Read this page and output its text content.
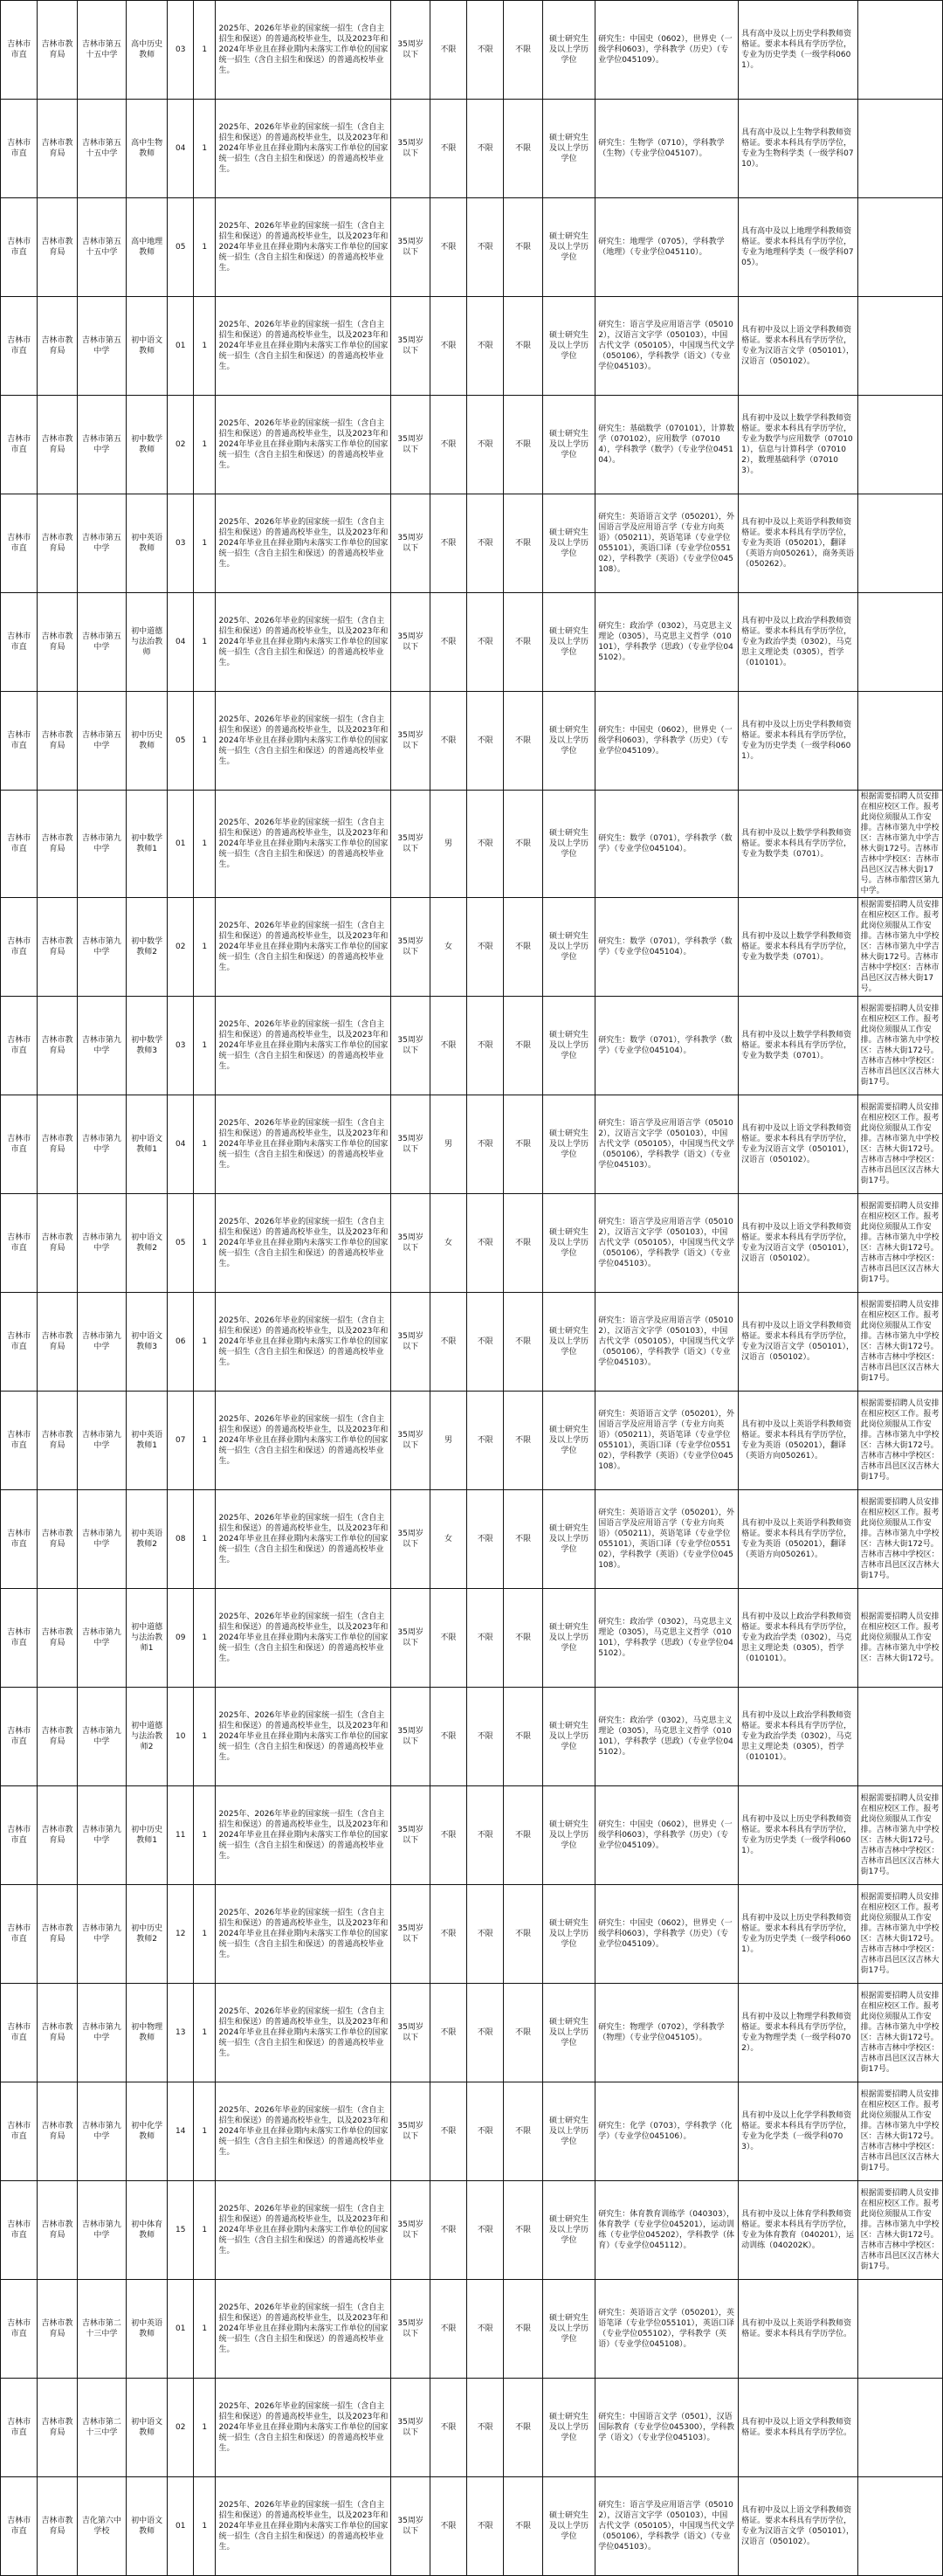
吉林市市直	吉林市教育局	吉林市第五十五中学	高中历史教师	03	1	2025年、2026年毕业的国家统一招生（含自主招生和保送）的普通高校毕业生，以及2023年和2024年毕业且在择业期内未落实工作单位的国家统一招生（含自主招生和保送）的普通高校毕业生。	35周岁以下	不限	不限	不限	硕士研究生及以上学历学位	研究生：中国史（0602），世界史（一级学科0603），学科教学（历史）（专业学位045109）。	具有高中及以上历史学科教师资格证。要求本科具有学历学位，专业为历史学类（一级学科0601）。	
吉林市市直	吉林市教育局	吉林市第五十五中学	高中生物教师	04	1	2025年、2026年毕业的国家统一招生（含自主招生和保送）的普通高校毕业生，以及2023年和2024年毕业且在择业期内未落实工作单位的国家统一招生（含自主招生和保送）的普通高校毕业生。	35周岁以下	不限	不限	不限	硕士研究生及以上学历学位	研究生：生物学（0710），学科教学（生物）（专业学位045107）。	具有高中及以上生物学科教师资格证。要求本科具有学历学位，专业为生物科学类（一级学科0710）。	
吉林市市直	吉林市教育局	吉林市第五十五中学	高中地理教师	05	1	2025年、2026年毕业的国家统一招生（含自主招生和保送）的普通高校毕业生，以及2023年和2024年毕业且在择业期内未落实工作单位的国家统一招生（含自主招生和保送）的普通高校毕业生。	35周岁以下	不限	不限	不限	硕士研究生及以上学历学位	研究生：地理学（0705），学科教学（地理）（专业学位045110）。	具有高中及以上地理学科教师资格证。要求本科具有学历学位，专业为地理科学类（一级学科0705）。	
吉林市市直	吉林市教育局	吉林市第五中学	初中语文教师	01	1	2025年、2026年毕业的国家统一招生（含自主招生和保送）的普通高校毕业生，以及2023年和2024年毕业且在择业期内未落实工作单位的国家统一招生（含自主招生和保送）的普通高校毕业生。	35周岁以下	不限	不限	不限	硕士研究生及以上学历学位	研究生：语言学及应用语言学（050102），汉语言文字学（050103），中国古代文学（050105），中国现当代文学（050106），学科教学（语文）（专业学位045103）。	具有初中及以上语文学科教师资格证。要求本科具有学历学位，专业为汉语言文学（050101），汉语言（050102）。	
吉林市市直	吉林市教育局	吉林市第五中学	初中数学教师	02	1	2025年、2026年毕业的国家统一招生（含自主招生和保送）的普通高校毕业生，以及2023年和2024年毕业且在择业期内未落实工作单位的国家统一招生（含自主招生和保送）的普通高校毕业生。	35周岁以下	不限	不限	不限	硕士研究生及以上学历学位	研究生：基础数学（070101），计算数学（070102），应用数学（070104），学科教学（数学）（专业学位045104）。	具有初中及以上数学学科教师资格证。要求本科具有学历学位，专业为数学与应用数学（070101），信息与计算科学（070102），数理基础科学（070103）。	
吉林市市直	吉林市教育局	吉林市第五中学	初中英语教师	03	1	2025年、2026年毕业的国家统一招生（含自主招生和保送）的普通高校毕业生，以及2023年和2024年毕业且在择业期内未落实工作单位的国家统一招生（含自主招生和保送）的普通高校毕业生。	35周岁以下	不限	不限	不限	硕士研究生及以上学历学位	研究生：英语语言文学（050201），外国语言学及应用语言学（专业方向英语）（050211），英语笔译（专业学位055101），英语口译（专业学位055102），学科教学（英语）（专业学位045108）。	具有初中及以上英语学科教师资格证。要求本科具有学历学位，专业为英语（050201），翻译（英语方向050261），商务英语（050262）。	
吉林市市直	吉林市教育局	吉林市第五中学	初中道德与法治教师	04	1	2025年、2026年毕业的国家统一招生（含自主招生和保送）的普通高校毕业生，以及2023年和2024年毕业且在择业期内未落实工作单位的国家统一招生（含自主招生和保送）的普通高校毕业生。	35周岁以下	不限	不限	不限	硕士研究生及以上学历学位	研究生：政治学（0302），马克思主义理论（0305），马克思主义哲学（010101），学科教学（思政）（专业学位045102）。	具有初中及以上政治学科教师资格证。要求本科具有学历学位，专业为政治学类（0302），马克思主义理论类（0305），哲学（010101）。	
吉林市市直	吉林市教育局	吉林市第五中学	初中历史教师	05	1	2025年、2026年毕业的国家统一招生（含自主招生和保送）的普通高校毕业生，以及2023年和2024年毕业且在择业期内未落实工作单位的国家统一招生（含自主招生和保送）的普通高校毕业生。	35周岁以下	不限	不限	不限	硕士研究生及以上学历学位	研究生：中国史（0602），世界史（一级学科0603），学科教学（历史）（专业学位045109）。	具有初中及以上历史学科教师资格证。要求本科具有学历学位，专业为历史学类（一级学科0601）。	
吉林市市直	吉林市教育局	吉林市第九中学	初中数学教师1	01	1	2025年、2026年毕业的国家统一招生（含自主招生和保送）的普通高校毕业生，以及2023年和2024年毕业且在择业期内未落实工作单位的国家统一招生（含自主招生和保送）的普通高校毕业生。	35周岁以下	男	不限	不限	硕士研究生及以上学历学位	研究生：数学（0701），学科教学（数学）（专业学位045104）。	具有初中及以上数学学科教师资格证。要求本科具有学历学位，专业为数学类（0701）。	根据需要招聘人员安排在相应校区工作。报考此岗位须服从工作安排。吉林市第九中学校区：吉林市第九中学吉林大街172号。吉林市吉林中学校区：吉林市昌邑区汉吉林大街17号。吉林市船营区第九中学。
吉林市市直	吉林市教育局	吉林市第九中学	初中数学教师2	02	1	2025年、2026年毕业的国家统一招生（含自主招生和保送）的普通高校毕业生，以及2023年和2024年毕业且在择业期内未落实工作单位的国家统一招生（含自主招生和保送）的普通高校毕业生。	35周岁以下	女	不限	不限	硕士研究生及以上学历学位	研究生：数学（0701），学科教学（数学）（专业学位045104）。	具有初中及以上数学学科教师资格证。要求本科具有学历学位，专业为数学类（0701）。	根据需要招聘人员安排在相应校区工作。报考此岗位须服从工作安排。吉林市第九中学校区：吉林市第九中学吉林大街172号。吉林市吉林中学校区：吉林市昌邑区汉吉林大街17号。
吉林市市直	吉林市教育局	吉林市第九中学	初中数学教师3	03	1	2025年、2026年毕业的国家统一招生（含自主招生和保送）的普通高校毕业生，以及2023年和2024年毕业且在择业期内未落实工作单位的国家统一招生（含自主招生和保送）的普通高校毕业生。	35周岁以下	不限	不限	不限	硕士研究生及以上学历学位	研究生：数学（0701），学科教学（数学）（专业学位045104）。	具有初中及以上数学学科教师资格证。要求本科具有学历学位，专业为数学类（0701）。	根据需要招聘人员安排在相应校区工作。报考此岗位须服从工作安排。吉林市第九中学校区：吉林大街172号。吉林市吉林中学校区：吉林市昌邑区汉吉林大街17号。
吉林市市直	吉林市教育局	吉林市第九中学	初中语文教师1	04	1	2025年、2026年毕业的国家统一招生（含自主招生和保送）的普通高校毕业生，以及2023年和2024年毕业且在择业期内未落实工作单位的国家统一招生（含自主招生和保送）的普通高校毕业生。	35周岁以下	男	不限	不限	硕士研究生及以上学历学位	研究生：语言学及应用语言学（050102），汉语言文字学（050103），中国古代文学（050105），中国现当代文学（050106），学科教学（语文）（专业学位045103）。	具有初中及以上语文学科教师资格证。要求本科具有学历学位，专业为汉语言文学（050101），汉语言（050102）。	根据需要招聘人员安排在相应校区工作。报考此岗位须服从工作安排。吉林市第九中学校区：吉林大街172号。吉林市吉林中学校区：吉林市昌邑区汉吉林大街17号。
吉林市市直	吉林市教育局	吉林市第九中学	初中语文教师2	05	1	2025年、2026年毕业的国家统一招生（含自主招生和保送）的普通高校毕业生，以及2023年和2024年毕业且在择业期内未落实工作单位的国家统一招生（含自主招生和保送）的普通高校毕业生。	35周岁以下	女	不限	不限	硕士研究生及以上学历学位	研究生：语言学及应用语言学（050102），汉语言文字学（050103），中国古代文学（050105），中国现当代文学（050106），学科教学（语文）（专业学位045103）。	具有初中及以上语文学科教师资格证。要求本科具有学历学位，专业为汉语言文学（050101），汉语言（050102）。	根据需要招聘人员安排在相应校区工作。报考此岗位须服从工作安排。吉林市第九中学校区：吉林大街172号。吉林市吉林中学校区：吉林市昌邑区汉吉林大街17号。
吉林市市直	吉林市教育局	吉林市第九中学	初中语文教师3	06	1	2025年、2026年毕业的国家统一招生（含自主招生和保送）的普通高校毕业生，以及2023年和2024年毕业且在择业期内未落实工作单位的国家统一招生（含自主招生和保送）的普通高校毕业生。	35周岁以下	不限	不限	不限	硕士研究生及以上学历学位	研究生：语言学及应用语言学（050102），汉语言文字学（050103），中国古代文学（050105），中国现当代文学（050106），学科教学（语文）（专业学位045103）。	具有初中及以上语文学科教师资格证。要求本科具有学历学位，专业为汉语言文学（050101），汉语言（050102）。	根据需要招聘人员安排在相应校区工作。报考此岗位须服从工作安排。吉林市第九中学校区：吉林大街172号。吉林市吉林中学校区：吉林市昌邑区汉吉林大街17号。
吉林市市直	吉林市教育局	吉林市第九中学	初中英语教师1	07	1	2025年、2026年毕业的国家统一招生（含自主招生和保送）的普通高校毕业生，以及2023年和2024年毕业且在择业期内未落实工作单位的国家统一招生（含自主招生和保送）的普通高校毕业生。	35周岁以下	男	不限	不限	硕士研究生及以上学历学位	研究生：英语语言文学（050201），外国语言学及应用语言学（专业方向英语）（050211），英语笔译（专业学位055101），英语口译（专业学位055102），学科教学（英语）（专业学位045108）。	具有初中及以上英语学科教师资格证。要求本科具有学历学位，专业为英语（050201），翻译（英语方向050261）。	根据需要招聘人员安排在相应校区工作。报考此岗位须服从工作安排。吉林市第九中学校区：吉林大街172号。吉林市吉林中学校区：吉林市昌邑区汉吉林大街17号。
吉林市市直	吉林市教育局	吉林市第九中学	初中英语教师2	08	1	2025年、2026年毕业的国家统一招生（含自主招生和保送）的普通高校毕业生，以及2023年和2024年毕业且在择业期内未落实工作单位的国家统一招生（含自主招生和保送）的普通高校毕业生。	35周岁以下	女	不限	不限	硕士研究生及以上学历学位	研究生：英语语言文学（050201），外国语言学及应用语言学（专业方向英语）（050211），英语笔译（专业学位055101），英语口译（专业学位055102），学科教学（英语）（专业学位045108）。	具有初中及以上英语学科教师资格证。要求本科具有学历学位，专业为英语（050201），翻译（英语方向050261）。	根据需要招聘人员安排在相应校区工作。报考此岗位须服从工作安排。吉林市第九中学校区：吉林大街172号。吉林市吉林中学校区：吉林市昌邑区汉吉林大街17号。
吉林市市直	吉林市教育局	吉林市第九中学	初中道德与法治教师1	09	1	2025年、2026年毕业的国家统一招生（含自主招生和保送）的普通高校毕业生，以及2023年和2024年毕业且在择业期内未落实工作单位的国家统一招生（含自主招生和保送）的普通高校毕业生。	35周岁以下	不限	不限	不限	硕士研究生及以上学历学位	研究生：政治学（0302），马克思主义理论（0305），马克思主义哲学（010101），学科教学（思政）（专业学位045102）。	具有初中及以上政治学科教师资格证。要求本科具有学历学位，专业为政治学类（0302），马克思主义理论类（0305），哲学（010101）。	根据需要招聘人员安排在相应校区工作。报考此岗位须服从工作安排。吉林市第九中学校区：吉林大街172号。
吉林市市直	吉林市教育局	吉林市第九中学	初中道德与法治教师2	10	1	2025年、2026年毕业的国家统一招生（含自主招生和保送）的普通高校毕业生，以及2023年和2024年毕业且在择业期内未落实工作单位的国家统一招生（含自主招生和保送）的普通高校毕业生。	35周岁以下	不限	不限	不限	硕士研究生及以上学历学位	研究生：政治学（0302），马克思主义理论（0305），马克思主义哲学（010101），学科教学（思政）（专业学位045102）。	具有初中及以上政治学科教师资格证。要求本科具有学历学位，专业为政治学类（0302），马克思主义理论类（0305），哲学（010101）。	
吉林市市直	吉林市教育局	吉林市第九中学	初中历史教师1	11	1	2025年、2026年毕业的国家统一招生（含自主招生和保送）的普通高校毕业生，以及2023年和2024年毕业且在择业期内未落实工作单位的国家统一招生（含自主招生和保送）的普通高校毕业生。	35周岁以下	不限	不限	不限	硕士研究生及以上学历学位	研究生：中国史（0602），世界史（一级学科0603），学科教学（历史）（专业学位045109）。	具有初中及以上历史学科教师资格证。要求本科具有学历学位，专业为历史学类（一级学科0601）。	根据需要招聘人员安排在相应校区工作。报考此岗位须服从工作安排。吉林市第九中学校区：吉林大街172号。吉林市吉林中学校区：吉林市昌邑区汉吉林大街17号。
吉林市市直	吉林市教育局	吉林市第九中学	初中历史教师2	12	1	2025年、2026年毕业的国家统一招生（含自主招生和保送）的普通高校毕业生，以及2023年和2024年毕业且在择业期内未落实工作单位的国家统一招生（含自主招生和保送）的普通高校毕业生。	35周岁以下	不限	不限	不限	硕士研究生及以上学历学位	研究生：中国史（0602），世界史（一级学科0603），学科教学（历史）（专业学位045109）。	具有初中及以上历史学科教师资格证。要求本科具有学历学位，专业为历史学类（一级学科0601）。	根据需要招聘人员安排在相应校区工作。报考此岗位须服从工作安排。吉林市第九中学校区：吉林大街172号。吉林市吉林中学校区：吉林市昌邑区汉吉林大街17号。
吉林市市直	吉林市教育局	吉林市第九中学	初中物理教师	13	1	2025年、2026年毕业的国家统一招生（含自主招生和保送）的普通高校毕业生，以及2023年和2024年毕业且在择业期内未落实工作单位的国家统一招生（含自主招生和保送）的普通高校毕业生。	35周岁以下	不限	不限	不限	硕士研究生及以上学历学位	研究生：物理学（0702），学科教学（物理）（专业学位045105）。	具有初中及以上物理学科教师资格证。要求本科具有学历学位，专业为物理学类（一级学科0702）。	根据需要招聘人员安排在相应校区工作。报考此岗位须服从工作安排。吉林市第九中学校区：吉林大街172号。吉林市吉林中学校区：吉林市昌邑区汉吉林大街17号。
吉林市市直	吉林市教育局	吉林市第九中学	初中化学教师	14	1	2025年、2026年毕业的国家统一招生（含自主招生和保送）的普通高校毕业生，以及2023年和2024年毕业且在择业期内未落实工作单位的国家统一招生（含自主招生和保送）的普通高校毕业生。	35周岁以下	不限	不限	不限	硕士研究生及以上学历学位	研究生：化学（0703），学科教学（化学）（专业学位045106）。	具有初中及以上化学学科教师资格证。要求本科具有学历学位，专业为化学类（一级学科0703）。	根据需要招聘人员安排在相应校区工作。报考此岗位须服从工作安排。吉林市第九中学校区：吉林大街172号。吉林市吉林中学校区：吉林市昌邑区汉吉林大街17号。
吉林市市直	吉林市教育局	吉林市第九中学	初中体育教师	15	1	2025年、2026年毕业的国家统一招生（含自主招生和保送）的普通高校毕业生，以及2023年和2024年毕业且在择业期内未落实工作单位的国家统一招生（含自主招生和保送）的普通高校毕业生。	35周岁以下	不限	不限	不限	硕士研究生及以上学历学位	研究生：体育教育训练学（040303），体育教学（专业学位045201），运动训练（专业学位045202），学科教学（体育）（专业学位045112）。	具有初中及以上体育学科教师资格证。要求本科具有学历学位，专业为体育教育（040201），运动训练（040202K）。	根据需要招聘人员安排在相应校区工作。报考此岗位须服从工作安排。吉林市第九中学校区：吉林大街172号。吉林市吉林中学校区：吉林市昌邑区汉吉林大街17号。
吉林市市直	吉林市教育局	吉林市第二十三中学	初中英语教师	01	1	2025年、2026年毕业的国家统一招生（含自主招生和保送）的普通高校毕业生，以及2023年和2024年毕业且在择业期内未落实工作单位的国家统一招生（含自主招生和保送）的普通高校毕业生。	35周岁以下	不限	不限	不限	硕士研究生及以上学历学位	研究生：英语语言文学（050201），英语笔译（专业学位055101），英语口译（专业学位055102），学科教学（英语）（专业学位045108）。	具有初中及以上英语学科教师资格证。要求本科具有学历学位。	
吉林市市直	吉林市教育局	吉林市第二十三中学	初中语文教师	02	1	2025年、2026年毕业的国家统一招生（含自主招生和保送）的普通高校毕业生，以及2023年和2024年毕业且在择业期内未落实工作单位的国家统一招生（含自主招生和保送）的普通高校毕业生。	35周岁以下	不限	不限	不限	硕士研究生及以上学历学位	研究生：中国语言文学（0501），汉语国际教育（专业学位045300），学科教学（语文）（专业学位045103）。	具有初中及以上语文学科教师资格证。要求本科具有学历学位。	
吉林市市直	吉林市教育局	吉化第六中学校	初中语文教师	01	1	2025年、2026年毕业的国家统一招生（含自主招生和保送）的普通高校毕业生，以及2023年和2024年毕业且在择业期内未落实工作单位的国家统一招生（含自主招生和保送）的普通高校毕业生。	35周岁以下	不限	不限	不限	硕士研究生及以上学历学位	研究生：语言学及应用语言学（050102），汉语言文字学（050103），中国古代文学（050105），中国现当代文学（050106），学科教学（语文）（专业学位045103）。	具有初中及以上语文学科教师资格证。要求本科具有学历学位，专业为汉语言文学（050101），汉语言（050102）。	
